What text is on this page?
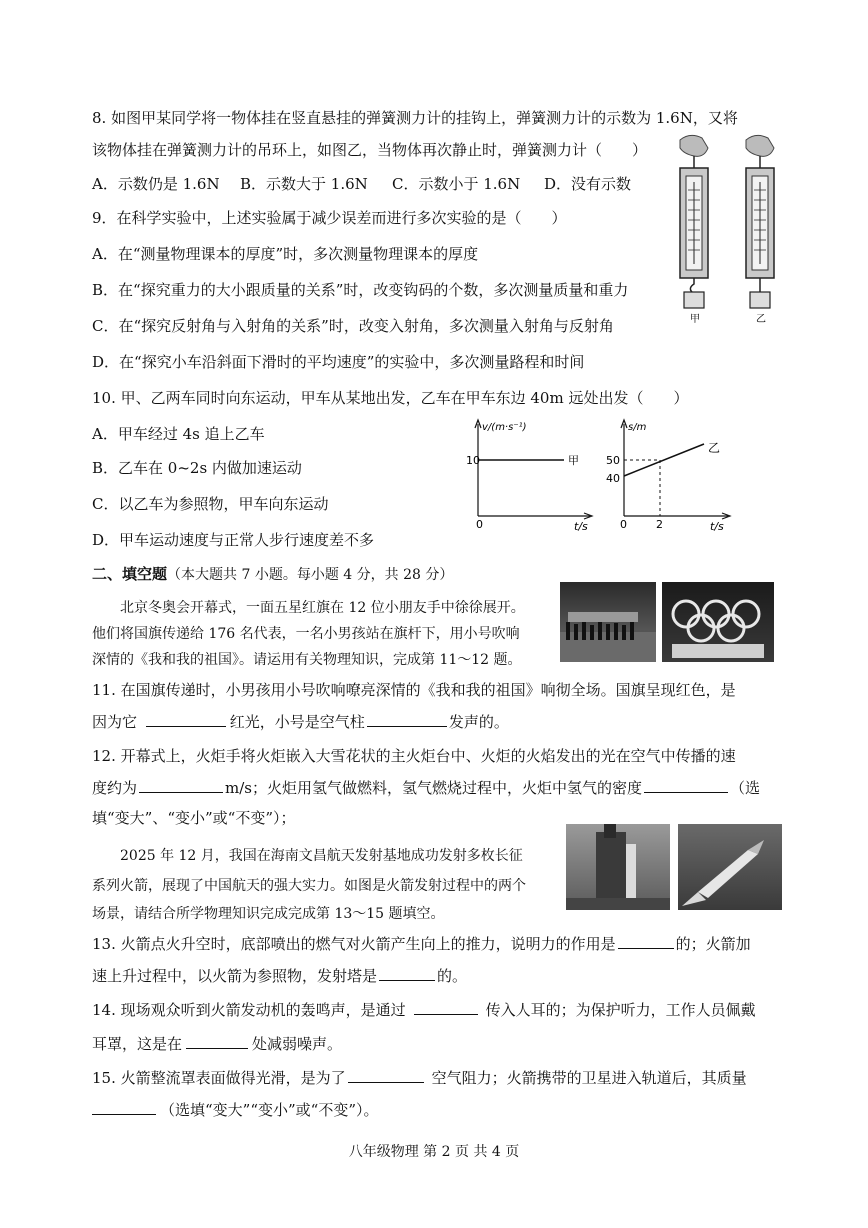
8. 如图甲某同学将一物体挂在竖直悬挂的弹簧测力计的挂钩上，弹簧测力计的示数为 1.6N，又将
该物体挂在弹簧测力计的吊环上，如图乙，当物体再次静止时，弹簧测力计（　　）
A．示数仍是 1.6N B．示数大于 1.6N C．示数小于 1.6N D．没有示数
甲	乙
9．在科学实验中，上述实验属于减少误差而进行多次实验的是（　　）
A．在“测量物理课本的厚度”时，多次测量物理课本的厚度
B．在“探究重力的大小跟质量的关系”时，改变钩码的个数，多次测量质量和重力
C．在“探究反射角与入射角的关系”时，改变入射角，多次测量入射角与反射角
D．在“探究小车沿斜面下滑时的平均速度”的实验中，多次测量路程和时间
10. 甲、乙两车同时向东运动，甲车从某地出发，乙车在甲车东边 40m 远处出发（　　）
A．甲车经过 4s 追上乙车
B．乙车在 0~2s 内做加速运动
C．以乙车为参照物，甲车向东运动
D．甲车运动速度与正常人步行速度差不多
v/(m·s⁻¹)
10	甲
0	t/s
s/m
50
40
乙
0	2	t/s
二、填空题（本大题共 7 小题。每小题 4 分，共 28 分）
北京冬奥会开幕式，一面五星红旗在 12 位小朋友手中徐徐展开。
他们将国旗传递给 176 名代表，一名小男孩站在旗杆下，用小号吹响
深情的《我和我的祖国》。请运用有关物理知识，完成第 11～12 题。
11. 在国旗传递时，小男孩用小号吹响嘹亮深情的《我和我的祖国》响彻全场。国旗呈现红色，是
因为它	红光，小号是空气柱	发声的。
12. 开幕式上，火炬手将火炬嵌入大雪花状的主火炬台中、火炬的火焰发出的光在空气中传播的速
度约为	m/s；火炬用氢气做燃料，氢气燃烧过程中，火炬中氢气的密度	（选
填“变大”、“变小”或“不变”）；
2025 年 12 月，我国在海南文昌航天发射基地成功发射多枚长征
系列火箭，展现了中国航天的强大实力。如图是火箭发射过程中的两个
场景，请结合所学物理知识完成完成第 13～15 题填空。
13. 火箭点火升空时，底部喷出的燃气对火箭产生向上的推力，说明力的作用是	的；火箭加
速上升过程中，以火箭为参照物，发射塔是	的。
14. 现场观众听到火箭发动机的轰鸣声，是通过	传入人耳的；为保护听力，工作人员佩戴
耳罩，这是在	处减弱噪声。
15. 火箭整流罩表面做得光滑，是为了	空气阻力；火箭携带的卫星进入轨道后，其质量
（选填“变大”“变小”或“不变”）。
八年级物理 第 2 页 共 4 页
